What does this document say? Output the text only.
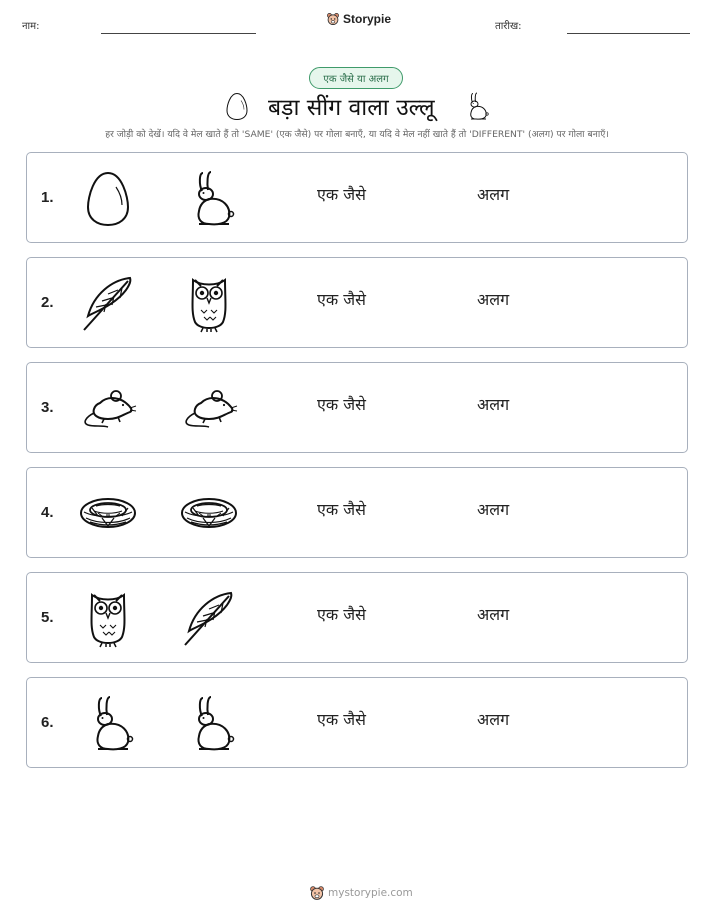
नाम:
Storypie
तारीख:
एक जैसे या अलग
बड़ा सींग वाला उल्लू
हर जोड़ी को देखें। यदि वे मेल खाते हैं तो 'SAME' (एक जैसे) पर गोला बनाएँ, या यदि वे मेल नहीं खाते हैं तो 'DIFFERENT' (अलग) पर गोला बनाएँ।
1.	एक जैसे	अलग
2.	एक जैसे	अलग
3.	एक जैसे	अलग
4.	एक जैसे	अलग
5.	एक जैसे	अलग
6.	एक जैसे	अलग
mystorypie.com
